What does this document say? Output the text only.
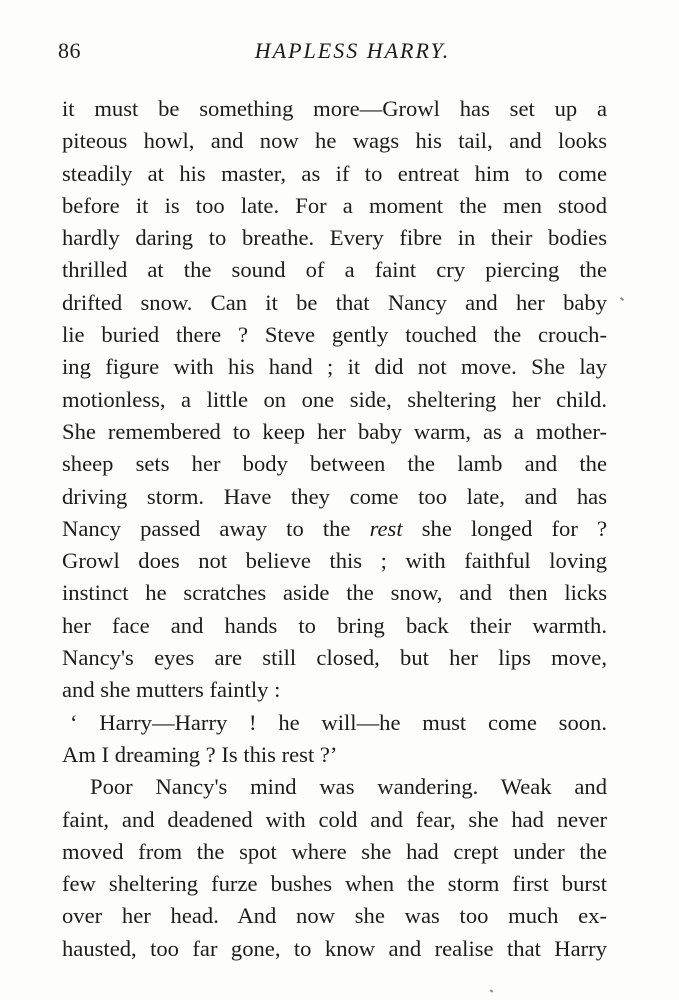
86	HAPLESS HARRY.
it must be something more—Growl has set up a
piteous howl, and now he wags his tail, and looks
steadily at his master, as if to entreat him to come
before it is too late. For a moment the men stood
hardly daring to breathe. Every fibre in their bodies
thrilled at the sound of a faint cry piercing the
drifted snow. Can it be that Nancy and her baby
lie buried there ? Steve gently touched the crouch-
ing figure with his hand ; it did not move. She lay
motionless, a little on one side, sheltering her child.
She remembered to keep her baby warm, as a mother-
sheep sets her body between the lamb and the
driving storm. Have they come too late, and has
Nancy passed away to the rest she longed for ?
Growl does not believe this ; with faithful loving
instinct he scratches aside the snow, and then licks
her face and hands to bring back their warmth.
Nancy's eyes are still closed, but her lips move,
and she mutters faintly :
‘ Harry—Harry ! he will—he must come soon.
Am I dreaming ? Is this rest ?’
Poor Nancy's mind was wandering. Weak and
faint, and deadened with cold and fear, she had never
moved from the spot where she had crept under the
few sheltering furze bushes when the storm first burst
over her head. And now she was too much ex-
hausted, too far gone, to know and realise that Harry
